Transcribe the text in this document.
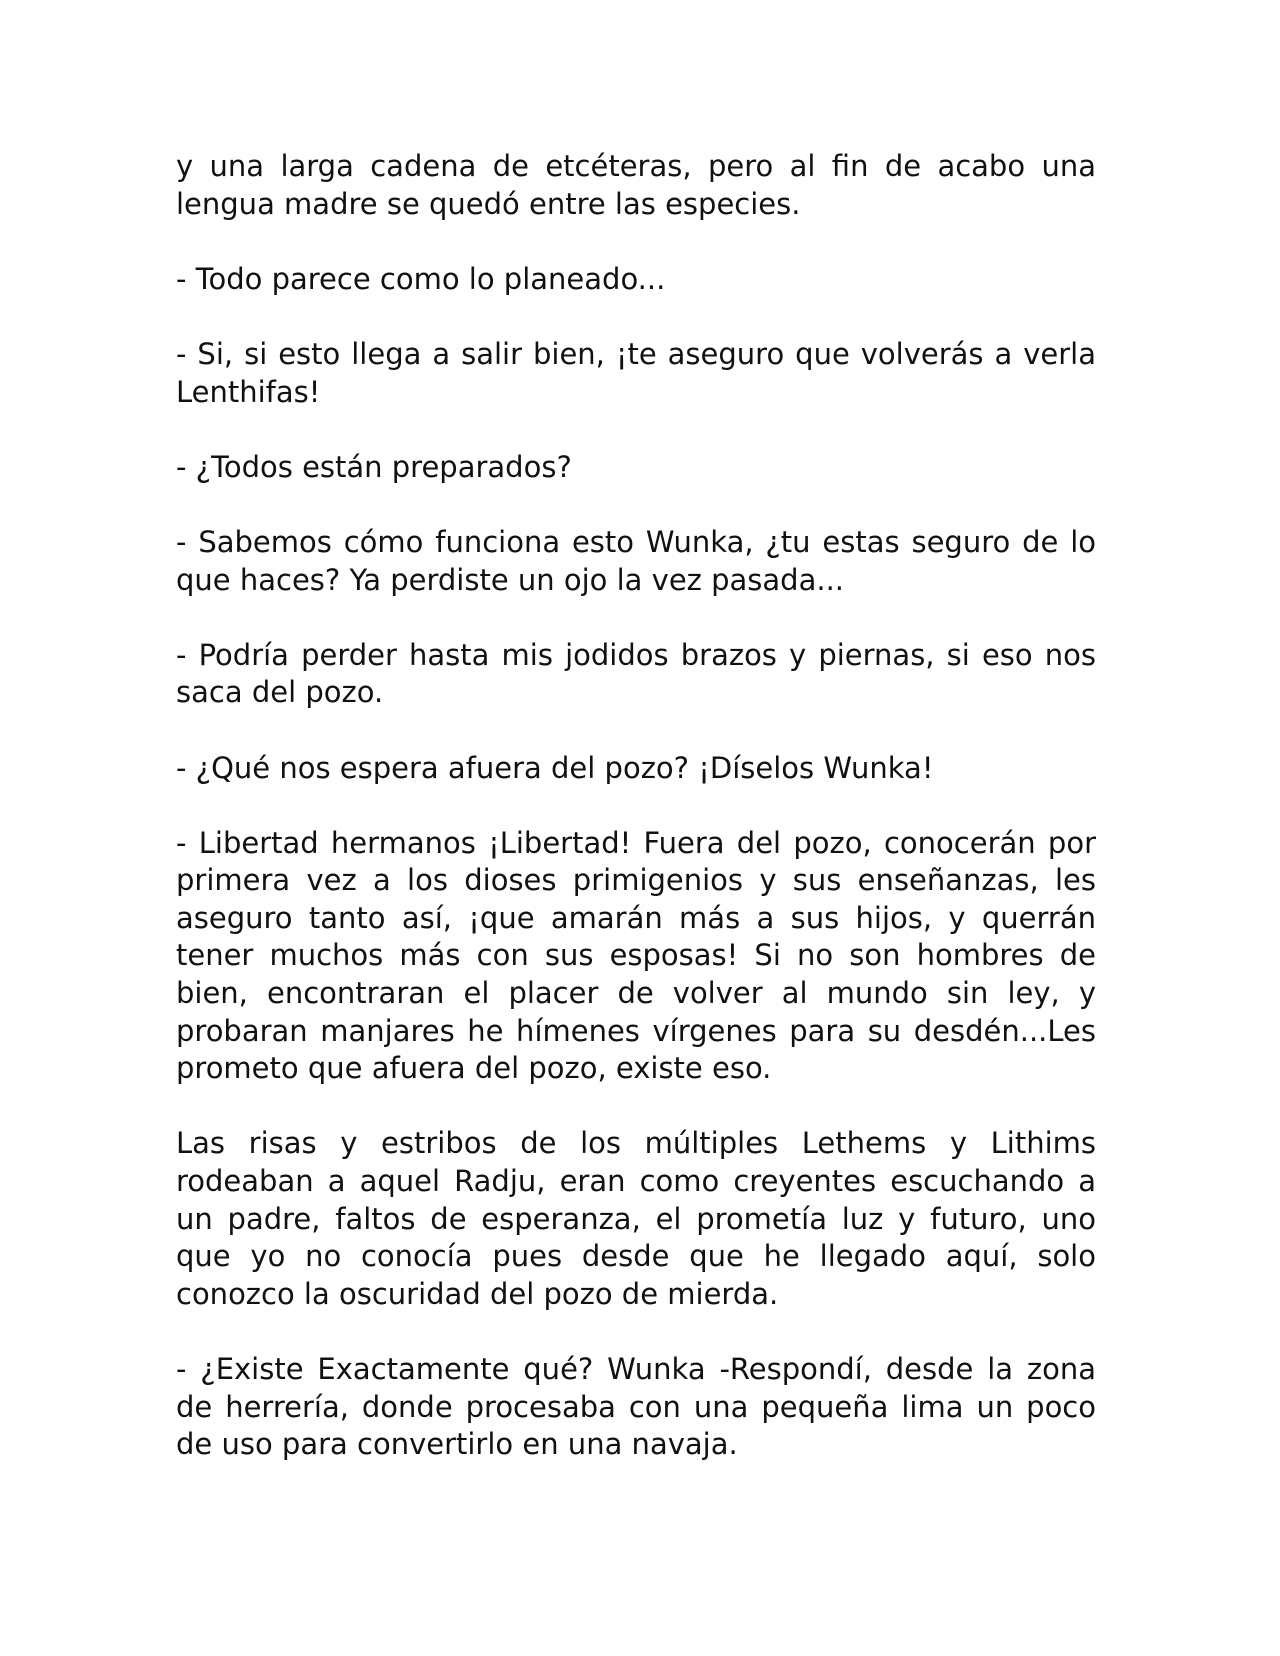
y una larga cadena de etcéteras, pero al fin de acabo una lengua madre se quedó entre las especies.

- Todo parece como lo planeado...

- Si, si esto llega a salir bien, ¡te aseguro que volverás a verla Lenthifas!

- ¿Todos están preparados?

- Sabemos cómo funciona esto Wunka, ¿tu estas seguro de lo que haces? Ya perdiste un ojo la vez pasada...

- Podría perder hasta mis jodidos brazos y piernas, si eso nos saca del pozo.

- ¿Qué nos espera afuera del pozo? ¡Díselos Wunka!

- Libertad hermanos ¡Libertad! Fuera del pozo, conocerán por primera vez a los dioses primigenios y sus enseñanzas, les aseguro tanto así, ¡que amarán más a sus hijos, y querrán tener muchos más con sus esposas! Si no son hombres de bien, encontraran el placer de volver al mundo sin ley, y probaran manjares he hímenes vírgenes para su desdén...Les prometo que afuera del pozo, existe eso.

Las risas y estribos de los múltiples Lethems y Lithims rodeaban a aquel Radju, eran como creyentes escuchando a un padre, faltos de esperanza, el prometía luz y futuro, uno que yo no conocía pues desde que he llegado aquí, solo conozco la oscuridad del pozo de mierda.

- ¿Existe Exactamente qué? Wunka -Respondí, desde la zona de herrería, donde procesaba con una pequeña lima un poco de uso para convertirlo en una navaja.
